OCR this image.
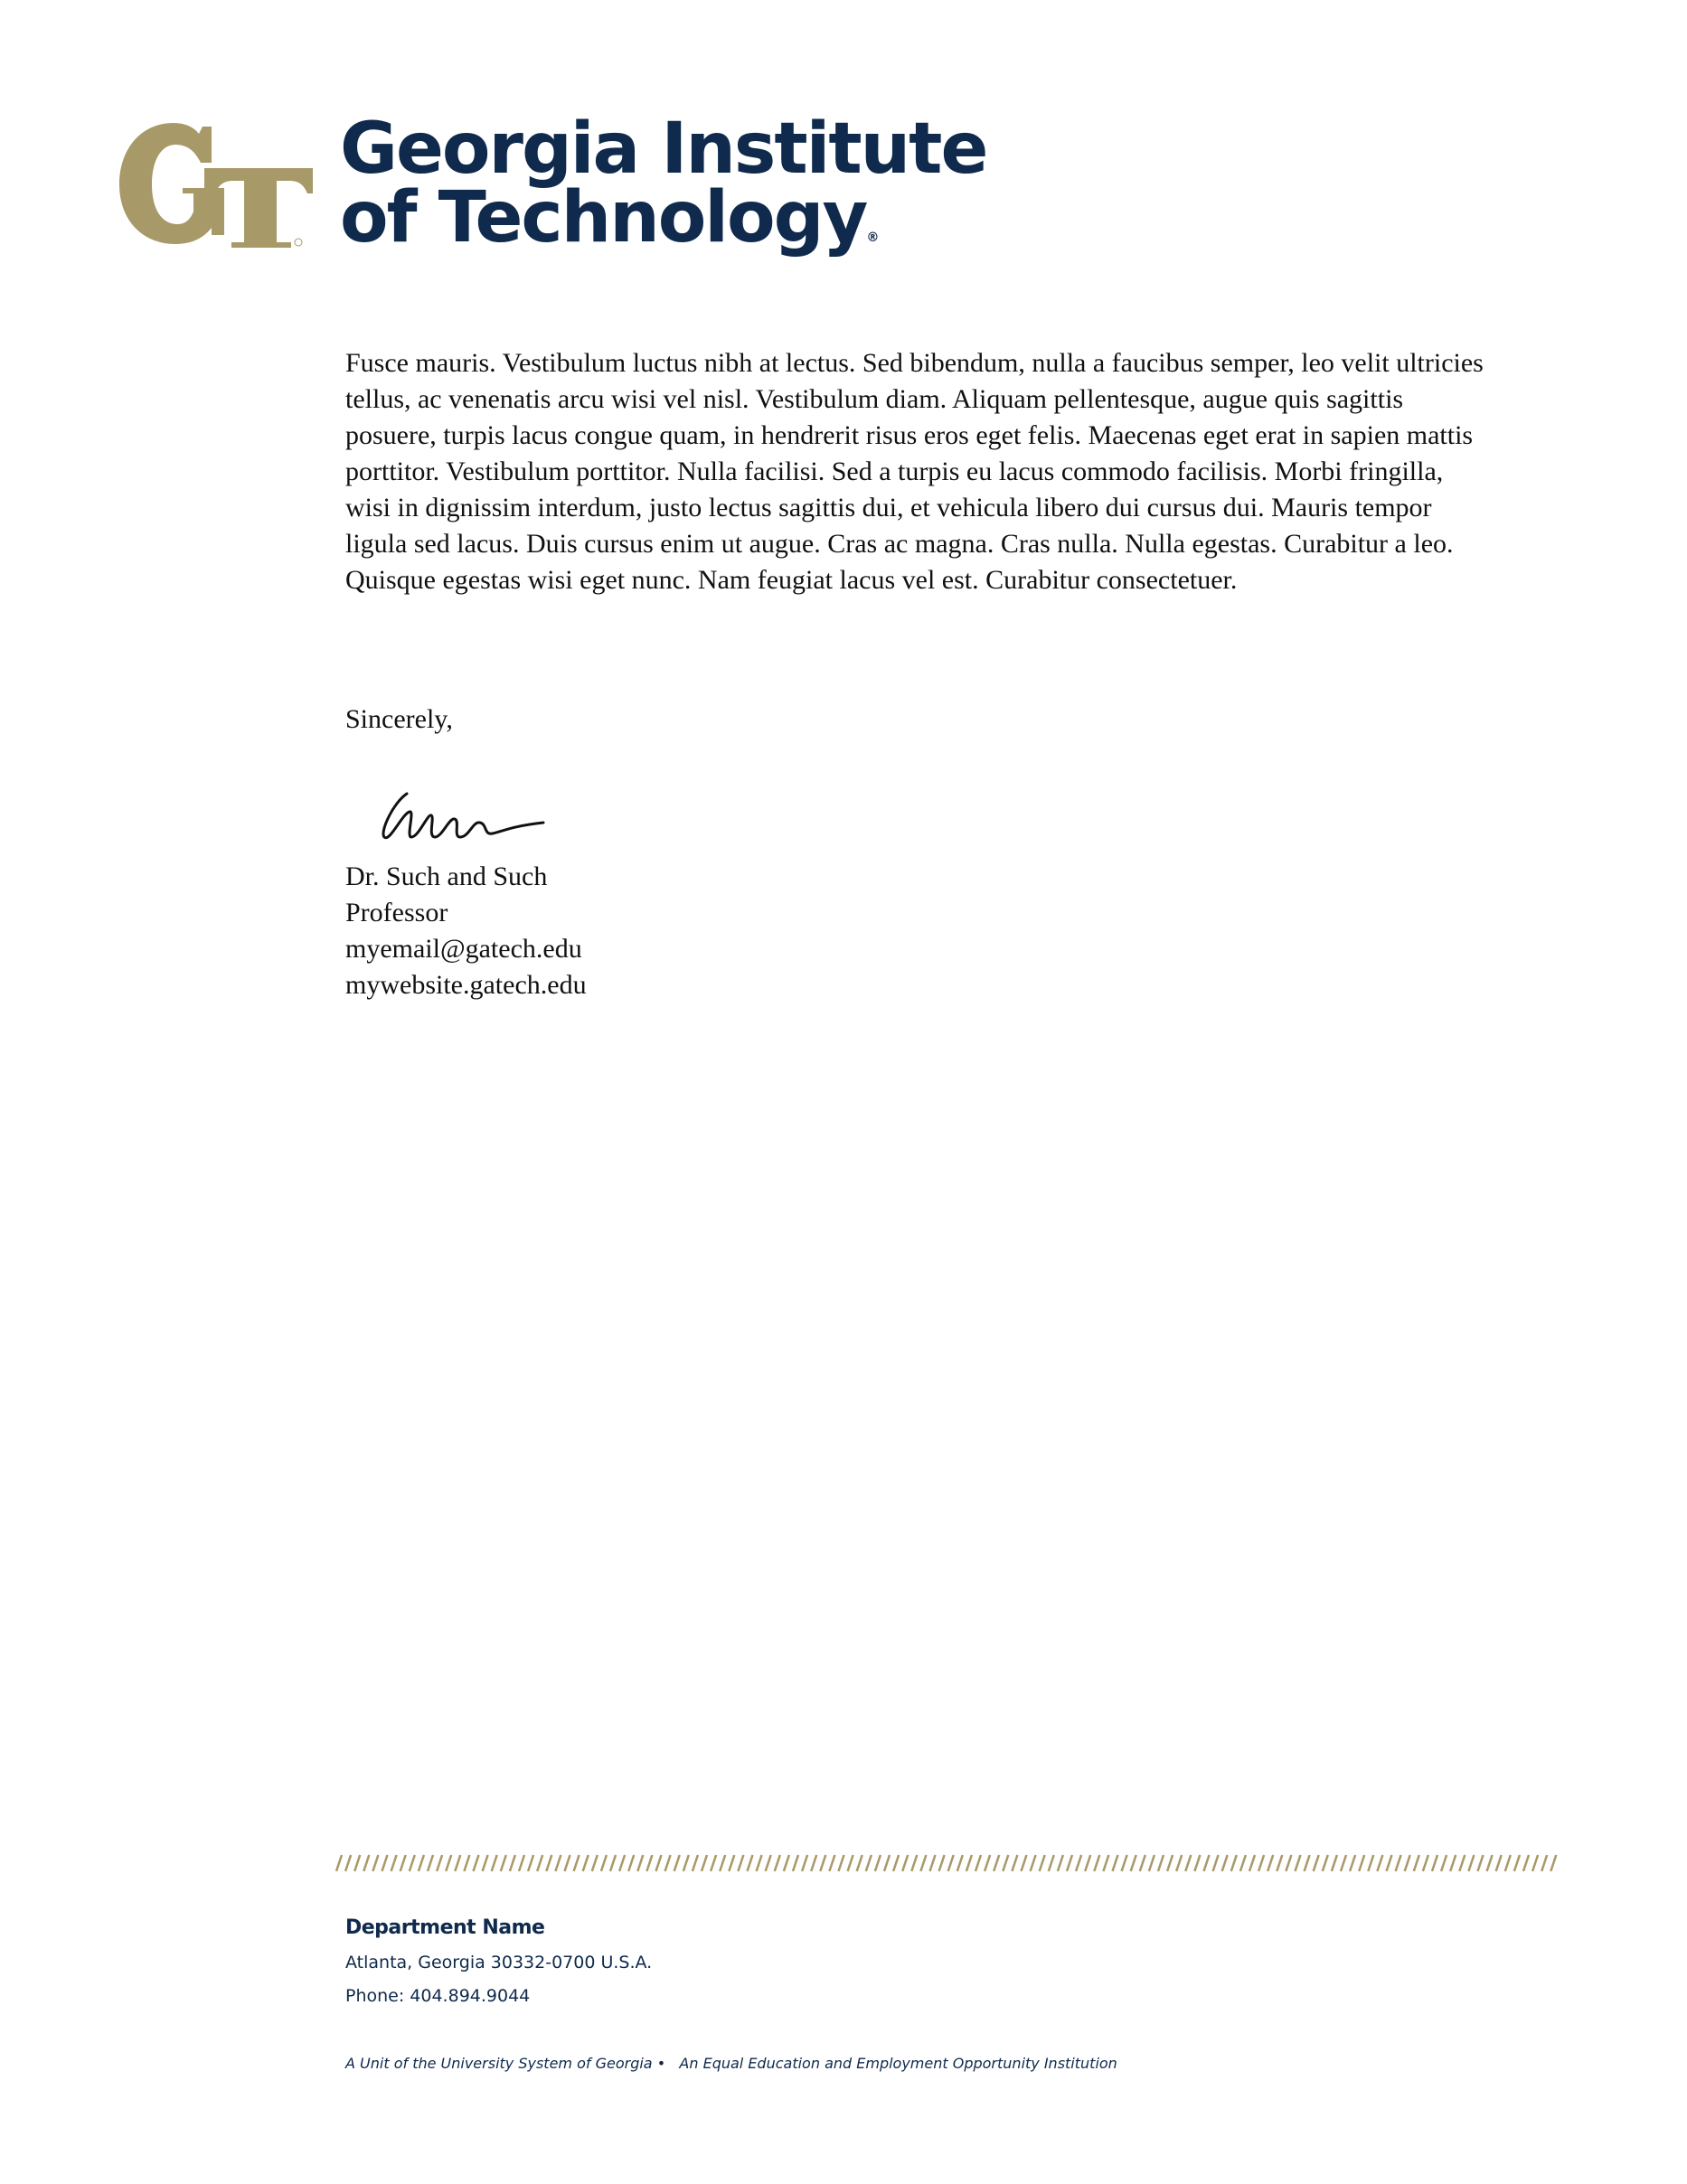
Georgia Institute
of Technology®
Fusce mauris. Vestibulum luctus nibh at lectus. Sed bibendum, nulla a faucibus semper, leo velit ultricies tellus, ac venenatis arcu wisi vel nisl. Vestibulum diam. Aliquam pellentesque, augue quis sagittis posuere, turpis lacus congue quam, in hendrerit risus eros eget felis. Maecenas eget erat in sapien mattis porttitor. Vestibulum porttitor. Nulla facilisi. Sed a turpis eu lacus commodo facilisis. Morbi fringilla, wisi in dignissim interdum, justo lectus sagittis dui, et vehicula libero dui cursus dui. Mauris tempor ligula sed lacus. Duis cursus enim ut augue. Cras ac magna. Cras nulla. Nulla egestas. Curabitur a leo. Quisque egestas wisi eget nunc. Nam feugiat lacus vel est. Curabitur consectetuer.
Sincerely,
Dr. Such and Such
Professor
myemail@gatech.edu
mywebsite.gatech.edu
Department Name
Atlanta, Georgia 30332-0700 U.S.A.
Phone: 404.894.9044
A Unit of the University System of Georgia • An Equal Education and Employment Opportunity Institution
